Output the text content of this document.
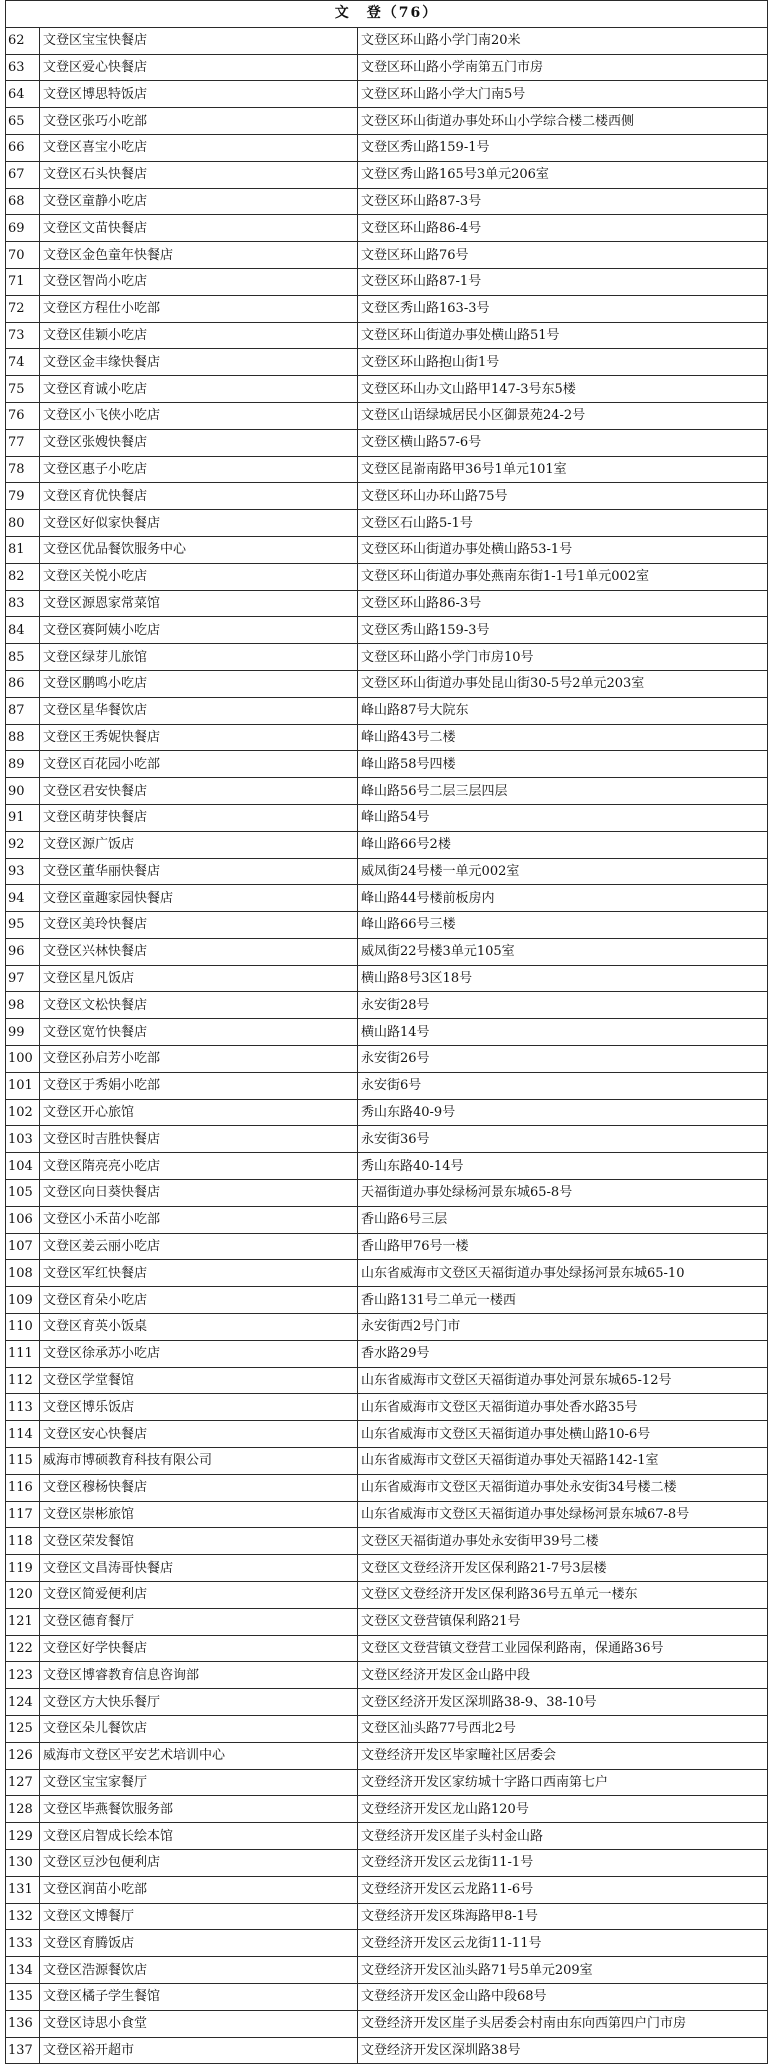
文　登（76）		
62	文登区宝宝快餐店	文登区环山路小学门南20米
63	文登区爱心快餐店	文登区环山路小学南第五门市房
64	文登区博思特饭店	文登区环山路小学大门南5号
65	文登区张巧小吃部	文登区环山街道办事处环山小学综合楼二楼西侧
66	文登区喜宝小吃店	文登区秀山路159-1号
67	文登区石头快餐店	文登区秀山路165号3单元206室
68	文登区童静小吃店	文登区环山路87-3号
69	文登区文苗快餐店	文登区环山路86-4号
70	文登区金色童年快餐店	文登区环山路76号
71	文登区智尚小吃店	文登区环山路87-1号
72	文登区方程仕小吃部	文登区秀山路163-3号
73	文登区佳颖小吃店	文登区环山街道办事处横山路51号
74	文登区金丰缘快餐店	文登区环山路抱山街1号
75	文登区育诚小吃店	文登区环山办文山路甲147-3号东5楼
76	文登区小飞侠小吃店	文登区山语绿城居民小区御景苑24-2号
77	文登区张嫂快餐店	文登区横山路57-6号
78	文登区惠子小吃店	文登区昆嵛南路甲36号1单元101室
79	文登区育优快餐店	文登区环山办环山路75号
80	文登区好似家快餐店	文登区石山路5-1号
81	文登区优品餐饮服务中心	文登区环山街道办事处横山路53-1号
82	文登区关悦小吃店	文登区环山街道办事处燕南东街1-1号1单元002室
83	文登区源恩家常菜馆	文登区环山路86-3号
84	文登区赛阿姨小吃店	文登区秀山路159-3号
85	文登区绿芽儿旅馆	文登区环山路小学门市房10号
86	文登区鹏鸣小吃店	文登区环山街道办事处昆山街30-5号2单元203室
87	文登区星华餐饮店	峰山路87号大院东
88	文登区王秀妮快餐店	峰山路43号二楼
89	文登区百花园小吃部	峰山路58号四楼
90	文登区君安快餐店	峰山路56号二层三层四层
91	文登区萌芽快餐店	峰山路54号
92	文登区源广饭店	峰山路66号2楼
93	文登区董华丽快餐店	威凤街24号楼一单元002室
94	文登区童趣家园快餐店	峰山路44号楼前板房内
95	文登区美玲快餐店	峰山路66号三楼
96	文登区兴林快餐店	威凤街22号楼3单元105室
97	文登区星凡饭店	横山路8号3区18号
98	文登区文松快餐店	永安街28号
99	文登区宽竹快餐店	横山路14号
100	文登区孙启芳小吃部	永安街26号
101	文登区于秀娟小吃部	永安街6号
102	文登区开心旅馆	秀山东路40-9号
103	文登区时吉胜快餐店	永安街36号
104	文登区隋亮亮小吃店	秀山东路40-14号
105	文登区向日葵快餐店	天福街道办事处绿杨河景东城65-8号
106	文登区小禾苗小吃部	香山路6号三层
107	文登区姜云丽小吃店	香山路甲76号一楼
108	文登区军红快餐店	山东省威海市文登区天福街道办事处绿扬河景东城65-10
109	文登区育朵小吃店	香山路131号二单元一楼西
110	文登区育英小饭桌	永安街西2号门市
111	文登区徐承苏小吃店	香水路29号
112	文登区学堂餐馆	山东省威海市文登区天福街道办事处河景东城65-12号
113	文登区博乐饭店	山东省威海市文登区天福街道办事处香水路35号
114	文登区安心快餐店	山东省威海市文登区天福街道办事处横山路10-6号
115	威海市博硕教育科技有限公司	山东省威海市文登区天福街道办事处天福路142-1室
116	文登区穆杨快餐店	山东省威海市文登区天福街道办事处永安街34号楼二楼
117	文登区崇彬旅馆	山东省威海市文登区天福街道办事处绿杨河景东城67-8号
118	文登区荣发餐馆	文登区天福街道办事处永安街甲39号二楼
119	文登区文昌涛哥快餐店	文登区文登经济开发区保利路21-7号3层楼
120	文登区简爱便利店	文登区文登经济开发区保利路36号五单元一楼东
121	文登区德育餐厅	文登区文登营镇保利路21号
122	文登区好学快餐店	文登区文登营镇文登营工业园保利路南，保通路36号
123	文登区博睿教育信息咨询部	文登区经济开发区金山路中段
124	文登区方大快乐餐厅	文登区经济开发区深圳路38-9、38-10号
125	文登区朵儿餐饮店	文登区汕头路77号西北2号
126	威海市文登区平安艺术培训中心	文登经济开发区毕家疃社区居委会
127	文登区宝宝家餐厅	文登经济开发区家纺城十字路口西南第七户
128	文登区毕燕餐饮服务部	文登经济开发区龙山路120号
129	文登区启智成长绘本馆	文登经济开发区崖子头村金山路
130	文登区豆沙包便利店	文登经济开发区云龙街11-1号
131	文登区润苗小吃部	文登经济开发区云龙路11-6号
132	文登区文博餐厅	文登经济开发区珠海路甲8-1号
133	文登区育腾饭店	文登经济开发区云龙街11-11号
134	文登区浩源餐饮店	文登经济开发区汕头路71号5单元209室
135	文登区橘子学生餐馆	文登经济开发区金山路中段68号
136	文登区诗思小食堂	文登经济开发区崖子头居委会村南由东向西第四户门市房
137	文登区裕开超市	文登经济开发区深圳路38号
